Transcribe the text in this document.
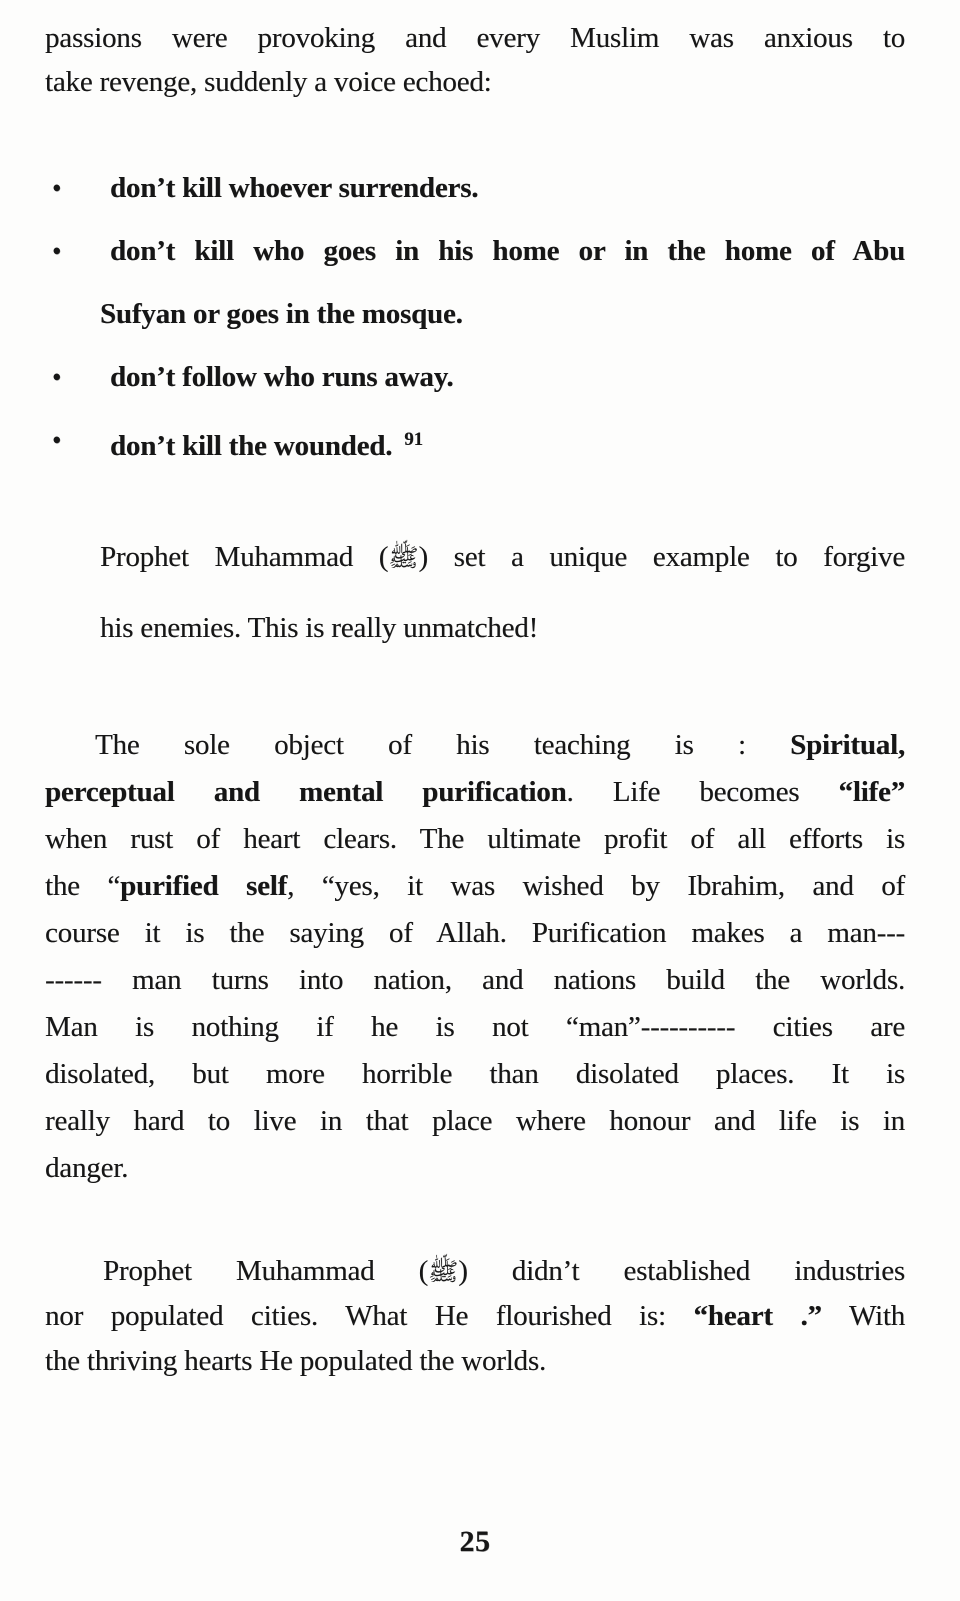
passions were provoking and every Muslim was anxious to
take revenge, suddenly a voice echoed:
•	don’t kill whoever surrenders.
•	don’t kill who goes in his home or in the home of Abu
Sufyan or goes in the mosque.
•	don’t follow who runs away.
•	don’t kill the wounded. $^{91}$
Prophet Muhammad (ﷺ) set a unique example to forgive
his enemies. This is really unmatched!
The sole object of his teaching is : Spiritual,
perceptual and mental purification. Life becomes “life”
when rust of heart clears. The ultimate profit of all efforts is
the “purified self, “yes, it was wished by Ibrahim, and of
course it is the saying of Allah. Purification makes a man---
------ man turns into nation, and nations build the worlds.
Man is nothing if he is not “man”---------- cities are
disolated, but more horrible than disolated places. It is
really hard to live in that place where honour and life is in
danger.
Prophet Muhammad (ﷺ) didn’t established industries
nor populated cities. What He flourished is: “heart .” With
the thriving hearts He populated the worlds.
25
